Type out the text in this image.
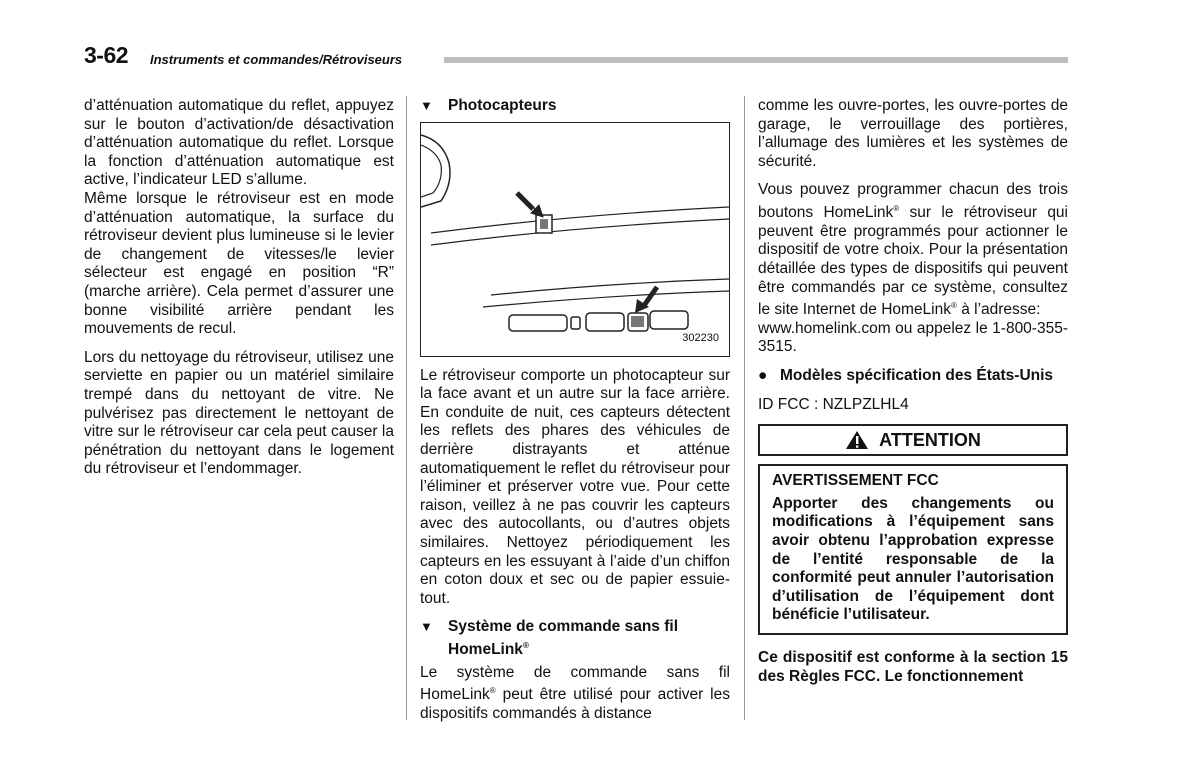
3-62 Instruments et commandes/Rétroviseurs

d’atténuation automatique du reflet, appuyez sur le bouton d’activation/de désactivation d’atténuation automatique du reflet. Lorsque la fonction d’atténuation automatique est active, l’indicateur LED s’allume.

Même lorsque le rétroviseur est en mode d’atténuation automatique, la surface du rétroviseur devient plus lumineuse si le levier de changement de vitesses/le levier sélecteur est engagé en position “R” (marche arrière). Cela permet d’assurer une bonne visibilité arrière pendant les mouvements de recul.

Lors du nettoyage du rétroviseur, utilisez une serviette en papier ou un matériel similaire trempé dans du nettoyant de vitre. Ne pulvérisez pas directement le nettoyant de vitre sur le rétroviseur car cela peut causer la pénétration du nettoyant dans le logement du rétroviseur et l’endommager.

▼ Photocapteurs
302230

Le rétroviseur comporte un photocapteur sur la face avant et un autre sur la face arrière. En conduite de nuit, ces capteurs détectent les reflets des phares des véhicules de derrière distrayants et atténue automatiquement le reflet du rétroviseur pour l’éliminer et préserver votre vue. Pour cette raison, veillez à ne pas couvrir les capteurs avec des autocollants, ou d’autres objets similaires. Nettoyez périodiquement les capteurs en les essuyant à l’aide d’un chiffon en coton doux et sec ou de papier essuie-tout.

▼ Système de commande sans fil
HomeLink®

Le système de commande sans fil HomeLink® peut être utilisé pour activer les dispositifs commandés à distance

comme les ouvre-portes, les ouvre-portes de garage, le verrouillage des portières, l’allumage des lumières et les systèmes de sécurité.

Vous pouvez programmer chacun des trois boutons HomeLink® sur le rétroviseur qui peuvent être programmés pour actionner le dispositif de votre choix. Pour la présentation détaillée des types de dispositifs qui peuvent être commandés par ce système, consultez le site Internet de HomeLink® à l’adresse:
www.homelink.com ou appelez le 1-800-355-3515.

● Modèles spécification des États-Unis

ID FCC : NZLPZLHL4

ATTENTION
AVERTISSEMENT FCC
Apporter des changements ou modifications à l’équipement sans avoir obtenu l’approbation expresse de l’entité responsable de la conformité peut annuler l’autorisation d’utilisation de l’équipement dont bénéficie l’utilisateur.

Ce dispositif est conforme à la section 15 des Règles FCC. Le fonctionnement
